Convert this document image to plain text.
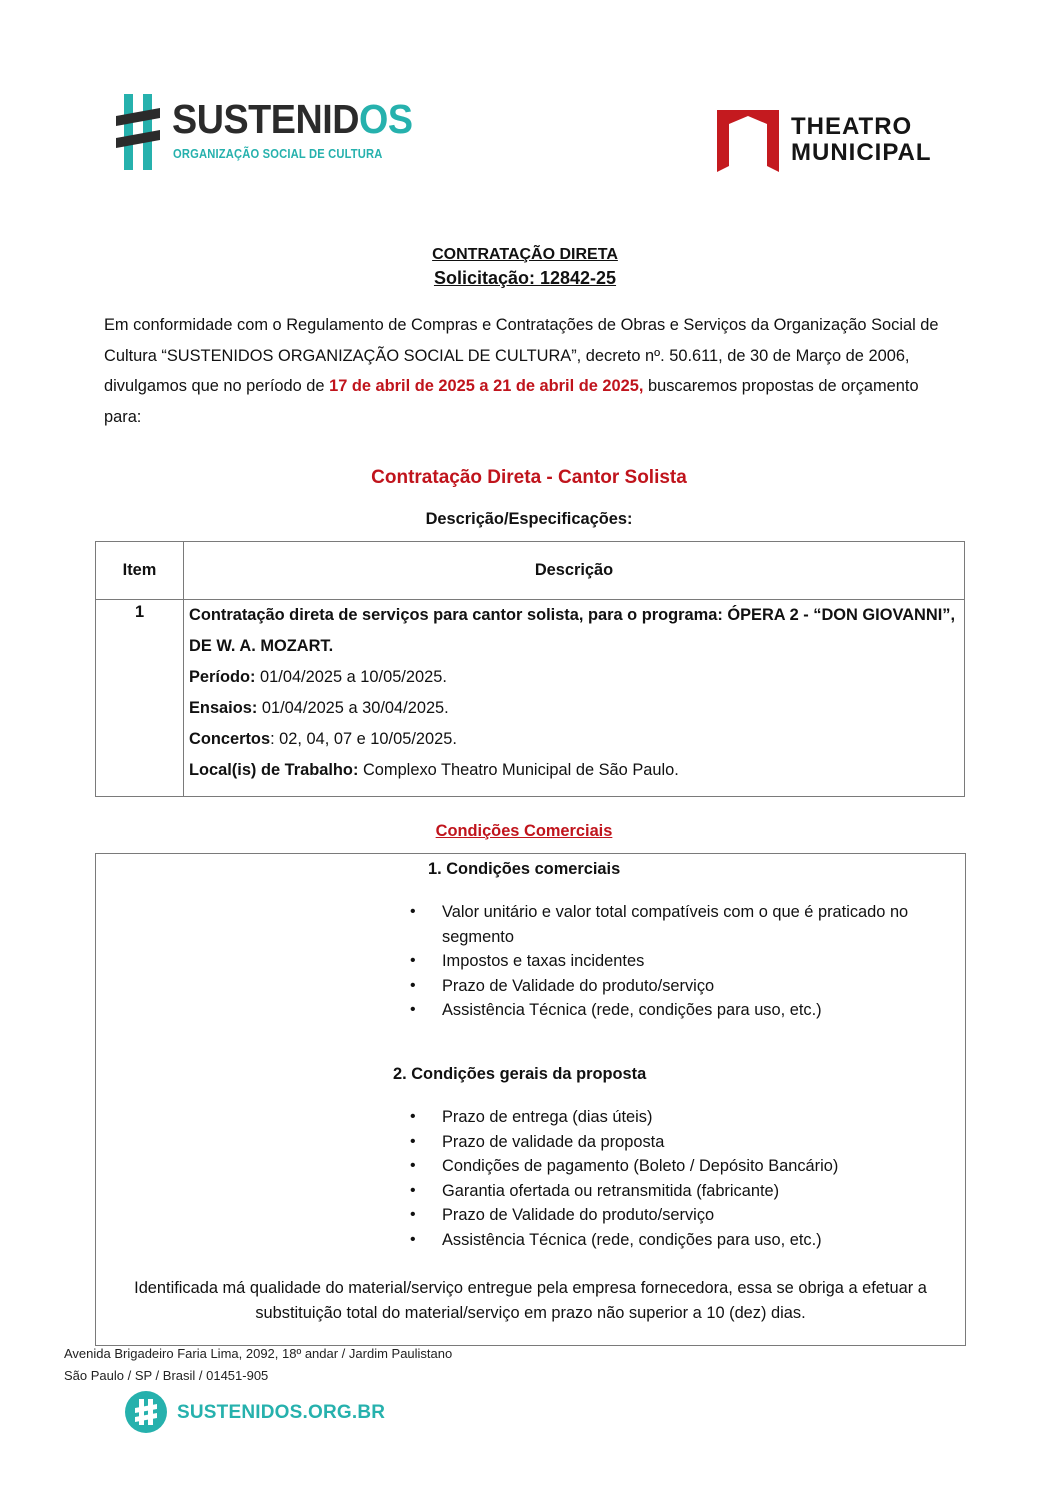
SUSTENIDOS
ORGANIZAÇÃO SOCIAL DE CULTURA
THEATRO
MUNICIPAL
CONTRATAÇÃO DIRETA
Solicitação: 12842-25
Em conformidade com o Regulamento de Compras e Contratações de Obras e Serviços da Organização Social de Cultura “SUSTENIDOS ORGANIZAÇÃO SOCIAL DE CULTURA”, decreto nº. 50.611, de 30 de Março de 2006, divulgamos que no período de 17 de abril de 2025 a 21 de abril de 2025, buscaremos propostas de orçamento para:
Contratação Direta - Cantor Solista
Descrição/Especificações:
Item	Descrição
1	Contratação direta de serviços para cantor solista, para o programa: ÓPERA 2 - “DON GIOVANNI”, DE W. A. MOZART.

Período: 01/04/2025 a 10/05/2025.

Ensaios: 01/04/2025 a 30/04/2025.

Concertos: 02, 04, 07 e 10/05/2025.

Local(is) de Trabalho: Complexo Theatro Municipal de São Paulo.

Condições Comerciais
1. Condições comerciais
• Valor unitário e valor total compatíveis com o que é praticado no segmento
• Impostos e taxas incidentes
• Prazo de Validade do produto/serviço
• Assistência Técnica (rede, condições para uso, etc.)
2. Condições gerais da proposta
• Prazo de entrega (dias úteis)
• Prazo de validade da proposta
• Condições de pagamento (Boleto / Depósito Bancário)
• Garantia ofertada ou retransmitida (fabricante)
• Prazo de Validade do produto/serviço
• Assistência Técnica (rede, condições para uso, etc.)
Identificada má qualidade do material/serviço entregue pela empresa fornecedora, essa se obriga a efetuar a substituição total do material/serviço em prazo não superior a 10 (dez) dias.
Avenida Brigadeiro Faria Lima, 2092, 18º andar / Jardim Paulistano
São Paulo / SP / Brasil / 01451-905
SUSTENIDOS.ORG.BR
